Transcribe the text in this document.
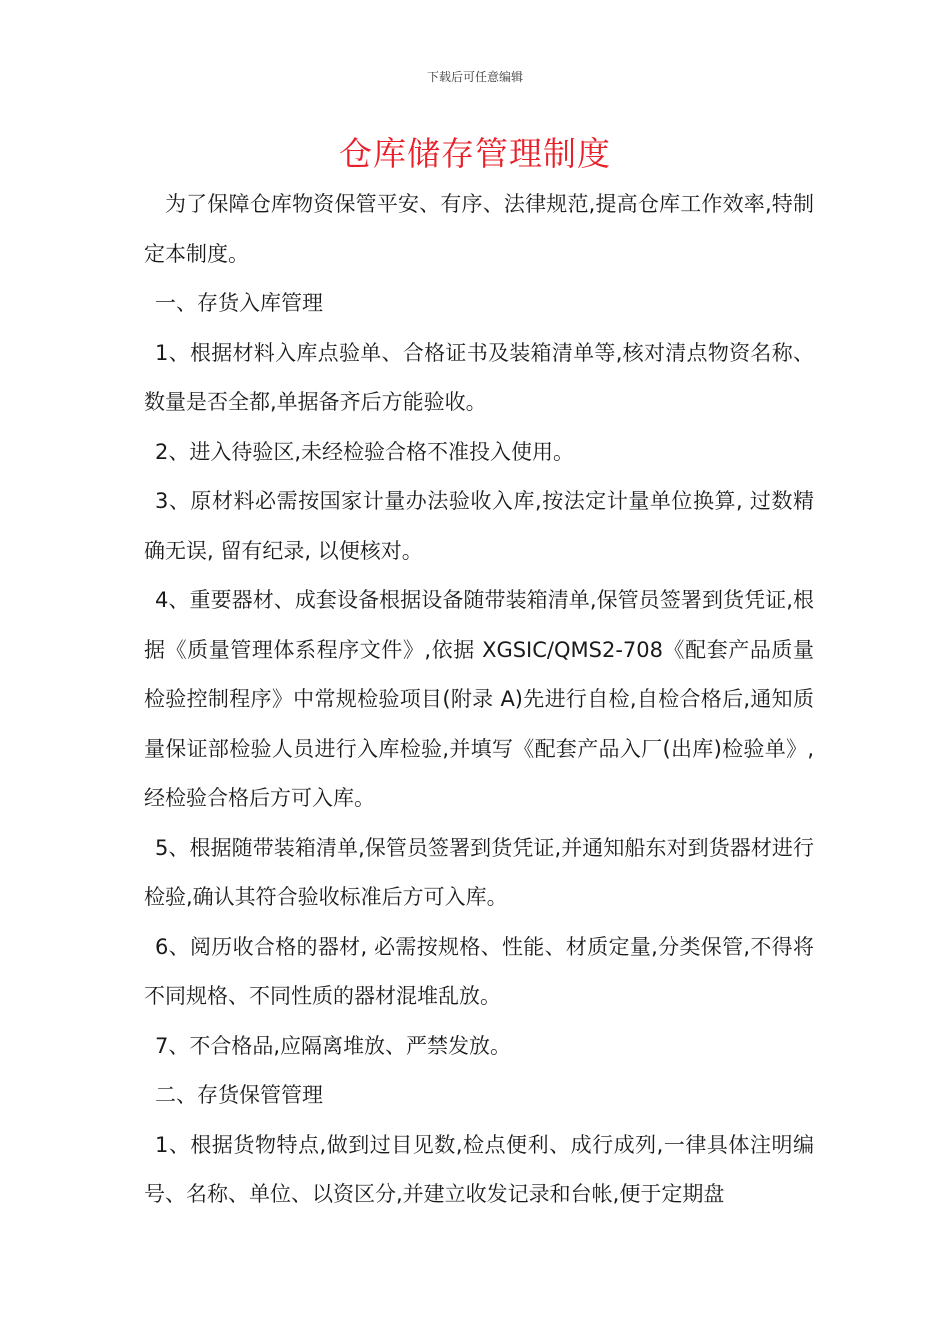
下载后可任意编辑
仓库储存管理制度

为了保障仓库物资保管平安、有序、法律规范,提高仓库工作效率,特制定本制度。

一、存货入库管理

1、根据材料入库点验单、合格证书及装箱清单等,核对清点物资名称、数量是否全都,单据备齐后方能验收。

2、进入待验区,未经检验合格不准投入使用。

3、原材料必需按国家计量办法验收入库,按法定计量单位换算, 过数精确无误, 留有纪录, 以便核对。

4、重要器材、成套设备根据设备随带装箱清单,保管员签署到货凭证,根据《质量管理体系程序文件》,依据 XGSIC/QMS2-708《配套产品质量检验控制程序》中常规检验项目(附录 A)先进行自检,自检合格后,通知质量保证部检验人员进行入库检验,并填写《配套产品入厂(出库)检验单》,经检验合格后方可入库。

5、根据随带装箱清单,保管员签署到货凭证,并通知船东对到货器材进行检验,确认其符合验收标准后方可入库。

6、阅历收合格的器材, 必需按规格、性能、材质定量,分类保管,不得将不同规格、不同性质的器材混堆乱放。

7、不合格品,应隔离堆放、严禁发放。

二、存货保管管理

1、根据货物特点,做到过目见数,检点便利、成行成列,一律具体注明编号、名称、单位、以资区分,并建立收发记录和台帐,便于定期盘
